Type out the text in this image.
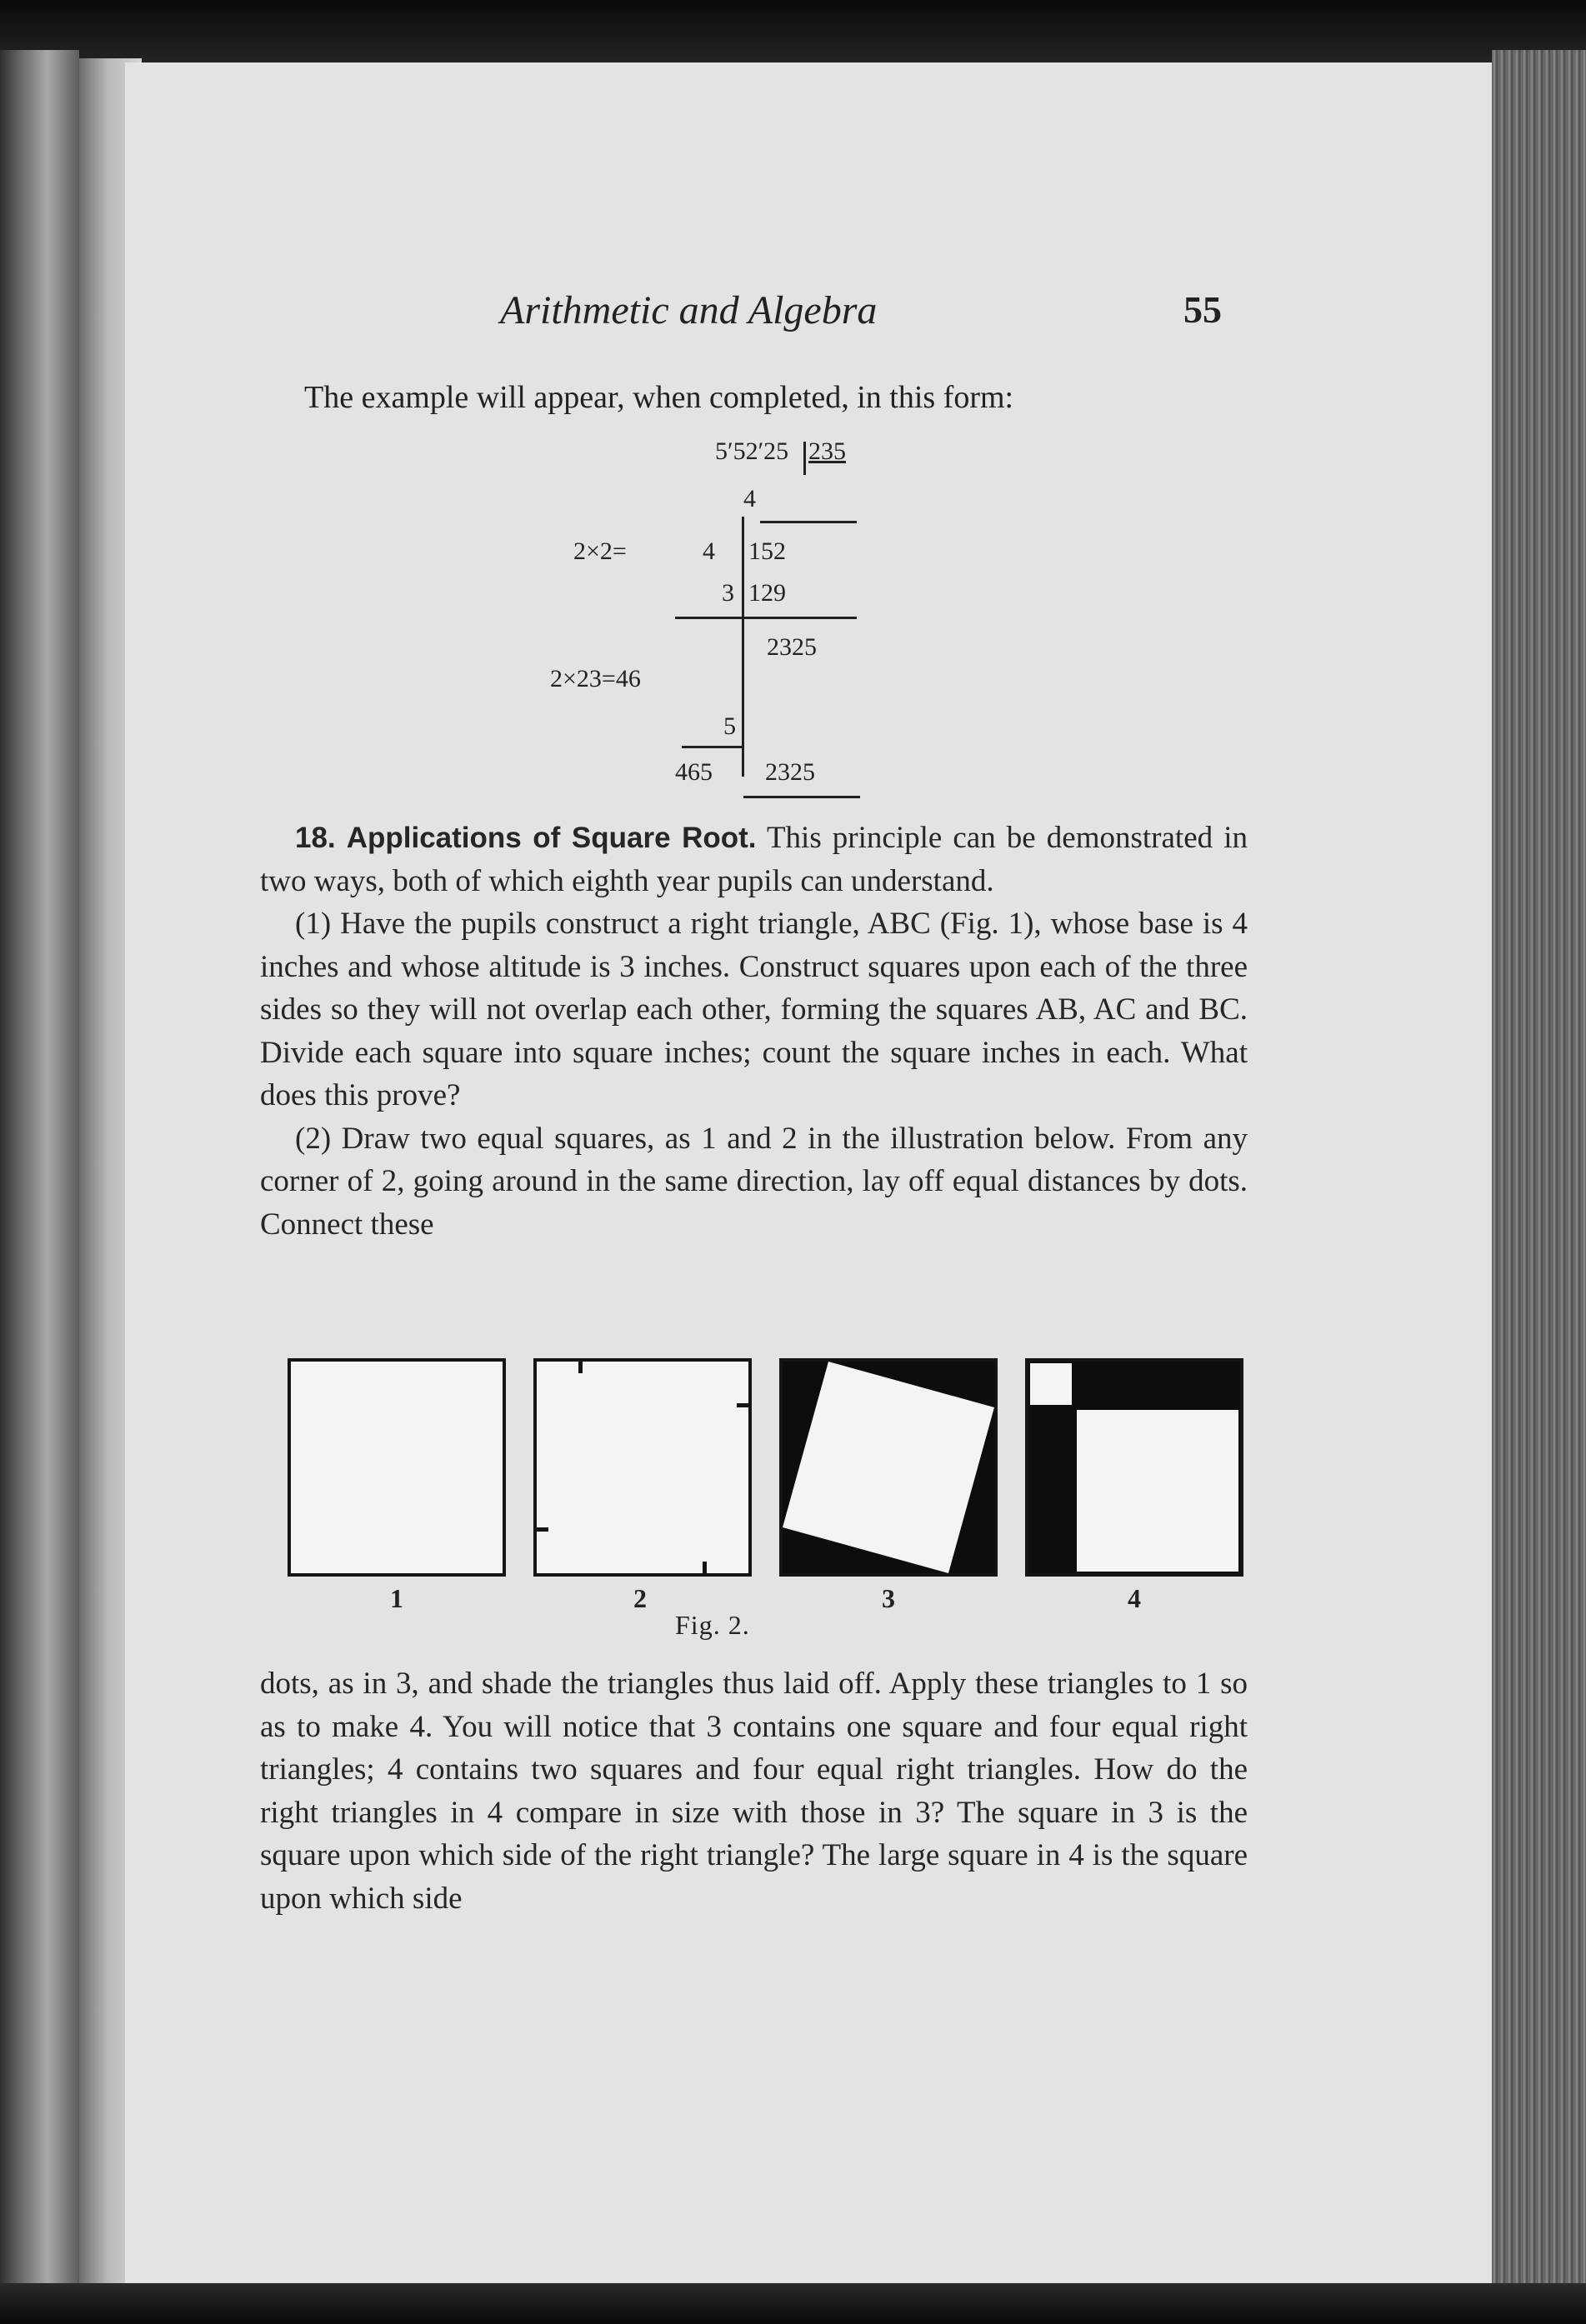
Arithmetic and Algebra	55
The example will appear, when completed, in this form:
5′52′25 235
4
2×2=	4 152
3 129
2325
2×23=46
5
465 2325

18. Applications of Square Root. This principle can be demonstrated in two ways, both of which eighth year pupils can understand.

(1) Have the pupils construct a right triangle, ABC (Fig. 1), whose base is 4 inches and whose altitude is 3 inches. Construct squares upon each of the three sides so they will not overlap each other, forming the squares AB, AC and BC. Divide each square into square inches; count the square inches in each. What does this prove?

(2) Draw two equal squares, as 1 and 2 in the illustration below. From any corner of 2, going around in the same direction, lay off equal distances by dots. Connect these

1	2	3	4
Fig. 2.

dots, as in 3, and shade the triangles thus laid off. Apply these triangles to 1 so as to make 4. You will notice that 3 contains one square and four equal right triangles; 4 contains two squares and four equal right triangles. How do the right triangles in 4 compare in size with those in 3? The square in 3 is the square upon which side of the right triangle? The large square in 4 is the square upon which side
